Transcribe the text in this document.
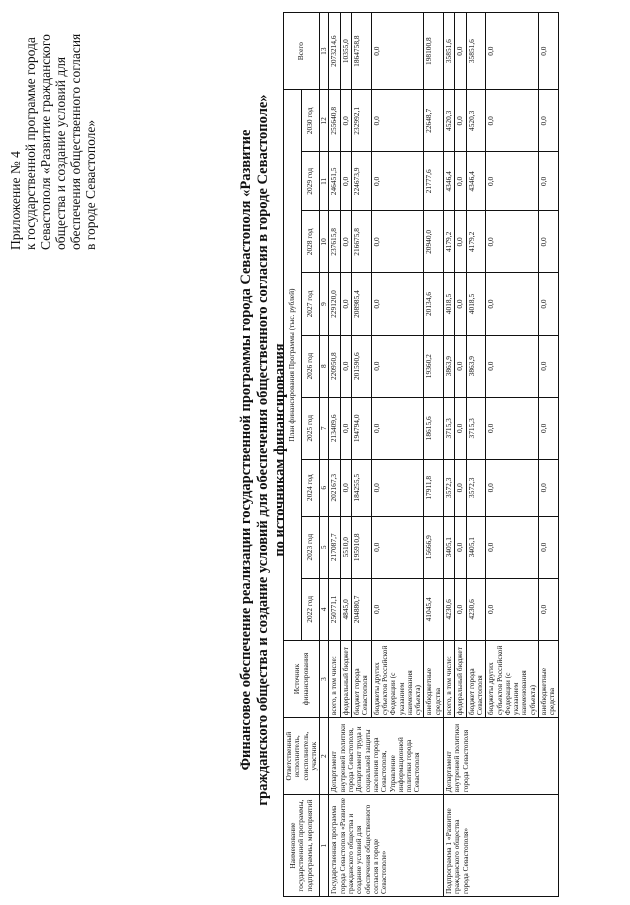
Приложение № 4 к государственной программе города Севастополя «Развитие гражданского общества и создание условий для обеспечения общественного согласия в городе Севастополе»	Финансовое обеспечение реализации государственной программы города Севастополя «Развитие гражданского общества и создание условий для обеспечения общественного согласия в городе Севастополе» по источникам финансирования
Наименование государственной программы, подпрограммы, мероприятий	Ответственный исполнитель, соисполнитель, участник	Источник финансирования	План финансирования Программы (тыс. рублей)									Всего
			2022 год	2023 год	2024 год	2025 год	2026 год	2027 год	2028 год	2029 год	2030 год	
1	2	3	4	5	6	7	8	9	10	11	12	13
Государственная программа города Севастополя «Развитие гражданского общества и создание условий для обеспечения общественного согласия в городе Севастополе»	Департамент внутренней политики города Севастополя, Департамент труда и социальной защиты населения города Севастополя, Управление информационной политики города Севастополя	всего, в том числе:	250771,1	217087,7	202167,3	213409,6	220950,8	229120,0	237615,8	246451,5	255640,8	2073214,6
		федеральный бюджет	4845,0	5510,0	0,0	0,0	0,0	0,0	0,0	0,0	0,0	10355,0
		бюджет города Севастополя	204880,7	195910,8	184255,5	194794,0	201590,6	208985,4	216675,8	224673,9	232992,1	1864758,8
		бюджеты других субъектов Российской Федерации (с указанием наименования субъекта)	0,0	0,0	0,0	0,0	0,0	0,0	0,0	0,0	0,0	0,0
		внебюджетные средства	41045,4	15666,9	17911,8	18615,6	19360,2	20134,6	20940,0	21777,6	22648,7	198100,8
Подпрограмма 1 «Развитие гражданского общества города Севастополя»	Департамент внутренней политики города Севастополя	всего, в том числе:	4230,6	3405,1	3572,3	3715,3	3863,9	4018,5	4179,2	4346,4	4520,3	35851,6
		федеральный бюджет	0,0	0,0	0,0	0,0	0,0	0,0	0,0	0,0	0,0	0,0
		бюджет города Севастополя	4230,6	3405,1	3572,3	3715,3	3863,9	4018,5	4179,2	4346,4	4520,3	35851,6
		бюджеты других субъектов Российской Федерации (с указанием наименования субъекта)	0,0	0,0	0,0	0,0	0,0	0,0	0,0	0,0	0,0	0,0
		внебюджетные средства	0,0	0,0	0,0	0,0	0,0	0,0	0,0	0,0	0,0	0,0
